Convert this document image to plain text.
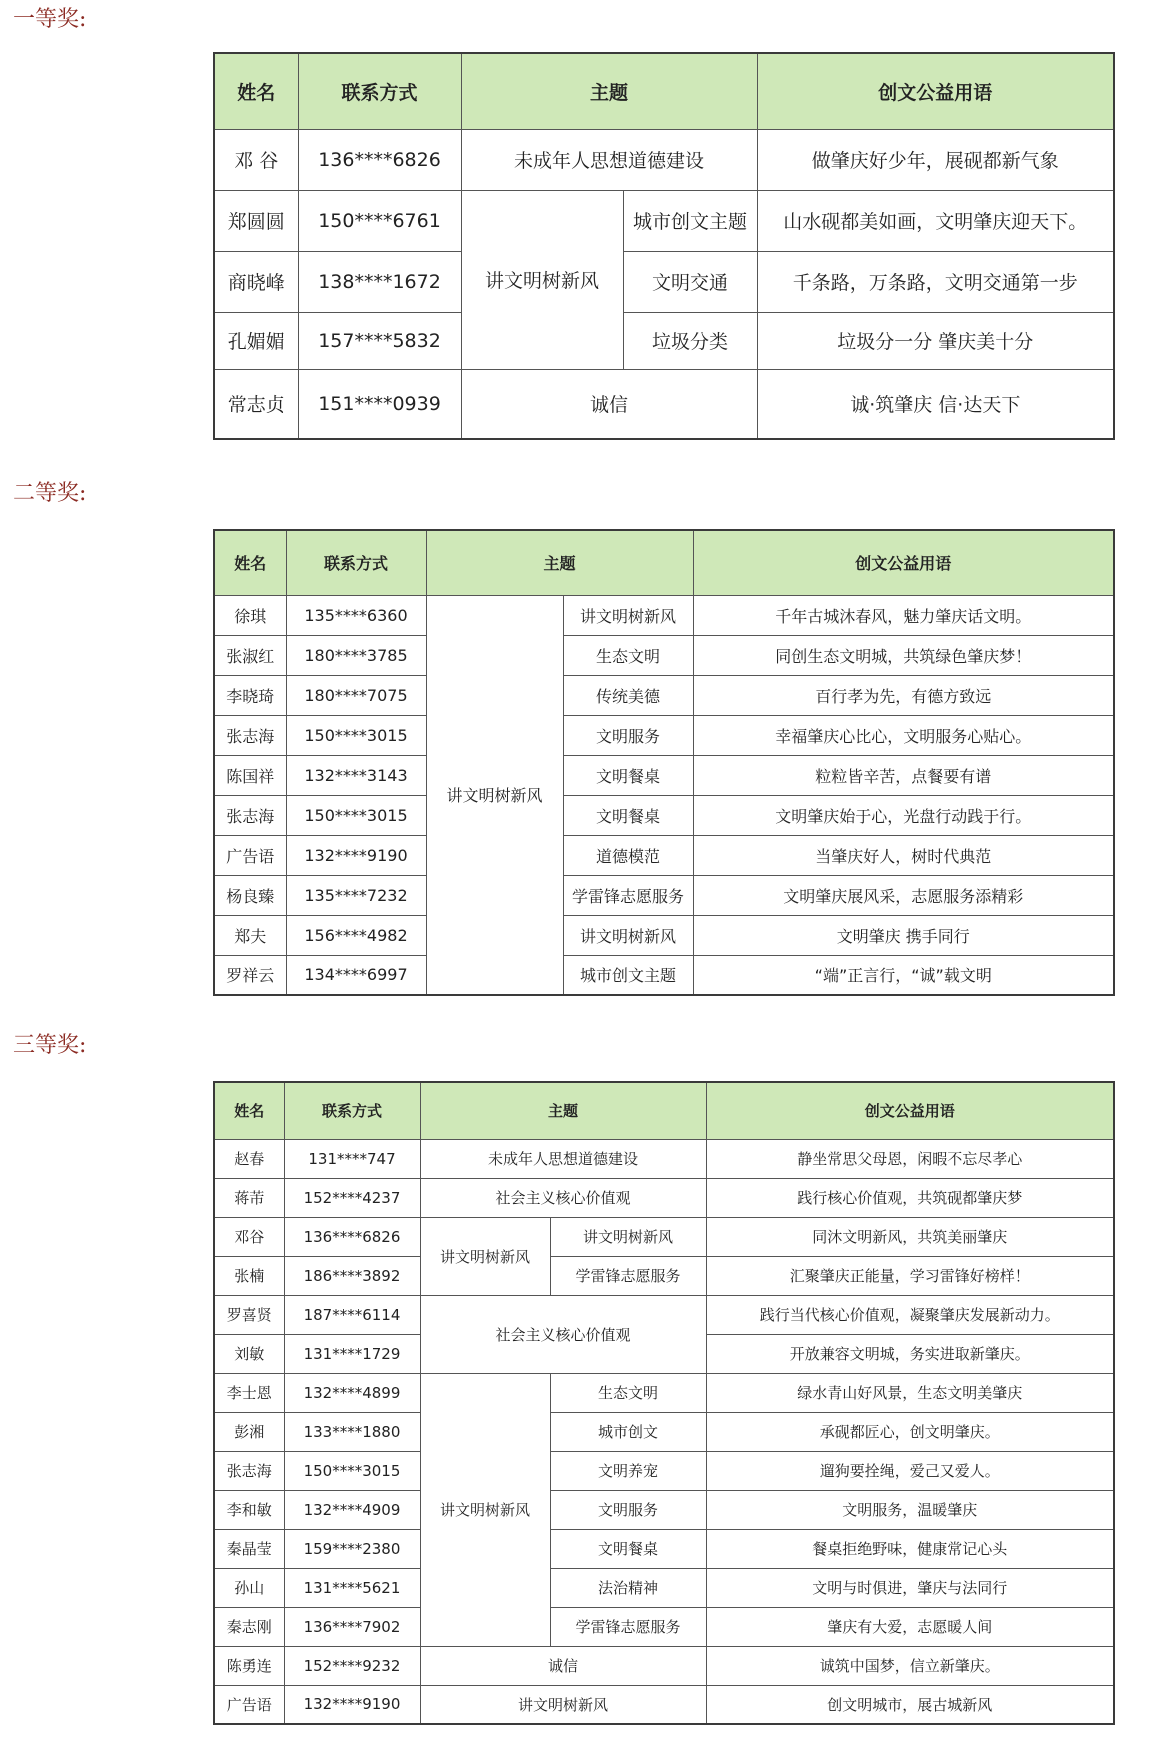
一等奖:
姓名	联系方式	主题		创文公益用语
邓 谷	136****6826	未成年人思想道德建设		做肇庆好少年，展砚都新气象
郑圆圆	150****6761	讲文明树新风	城市创文主题	山水砚都美如画，文明肇庆迎天下。
商晓峰	138****1672		文明交通	千条路，万条路，文明交通第一步
孔媚媚	157****5832		垃圾分类	垃圾分一分 肇庆美十分
常志贞	151****0939	诚信		诚·筑肇庆 信·达天下
二等奖:
姓名	联系方式	主题		创文公益用语
徐琪	135****6360	讲文明树新风	讲文明树新风	千年古城沐春风，魅力肇庆话文明。
张淑红	180****3785		生态文明	同创生态文明城，共筑绿色肇庆梦！
李晓琦	180****7075		传统美德	百行孝为先，有德方致远
张志海	150****3015		文明服务	幸福肇庆心比心，文明服务心贴心。
陈国祥	132****3143		文明餐桌	粒粒皆辛苦，点餐要有谱
张志海	150****3015		文明餐桌	文明肇庆始于心，光盘行动践于行。
广告语	132****9190		道德模范	当肇庆好人，树时代典范
杨良臻	135****7232		学雷锋志愿服务	文明肇庆展风采，志愿服务添精彩
郑夫	156****4982		讲文明树新风	文明肇庆 携手同行
罗祥云	134****6997		城市创文主题	“端”正言行，“诚”载文明
三等奖:
姓名	联系方式	主题		创文公益用语
赵春	131****747	未成年人思想道德建设		静坐常思父母恩，闲暇不忘尽孝心
蒋芾	152****4237	社会主义核心价值观		践行核心价值观，共筑砚都肇庆梦
邓谷	136****6826	讲文明树新风	讲文明树新风	同沐文明新风，共筑美丽肇庆
张楠	186****3892		学雷锋志愿服务	汇聚肇庆正能量，学习雷锋好榜样！
罗喜贤	187****6114	社会主义核心价值观		践行当代核心价值观，凝聚肇庆发展新动力。
刘敏	131****1729			开放兼容文明城，务实进取新肇庆。
李士恩	132****4899	讲文明树新风	生态文明	绿水青山好风景，生态文明美肇庆
彭湘	133****1880		城市创文	承砚都匠心，创文明肇庆。
张志海	150****3015		文明养宠	遛狗要拴绳，爱己又爱人。
李和敏	132****4909		文明服务	文明服务，温暖肇庆
秦晶莹	159****2380		文明餐桌	餐桌拒绝野味，健康常记心头
孙山	131****5621		法治精神	文明与时俱进，肇庆与法同行
秦志刚	136****7902		学雷锋志愿服务	肇庆有大爱，志愿暖人间
陈勇连	152****9232	诚信		诚筑中国梦，信立新肇庆。
广告语	132****9190	讲文明树新风		创文明城市，展古城新风
